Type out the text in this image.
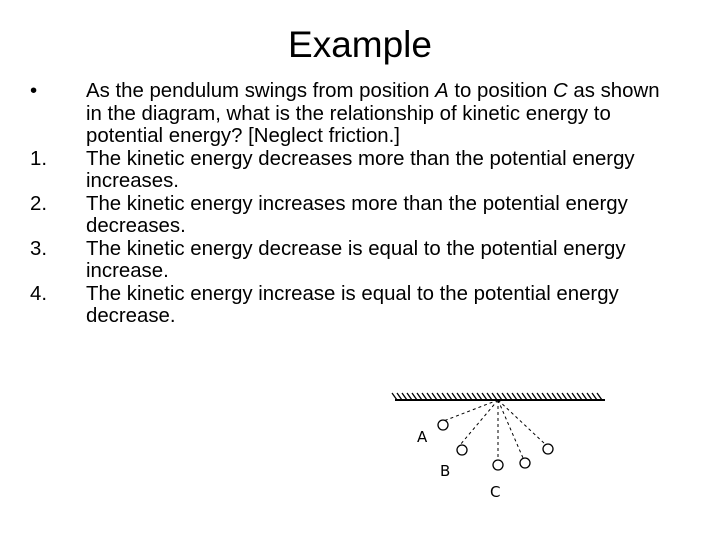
Example
• As the pendulum swings from position A to position C as shown in the diagram, what is the relationship of kinetic energy to potential energy? [Neglect friction.]
1. The kinetic energy decreases more than the potential energy increases.
2. The kinetic energy increases more than the potential energy decreases.
3. The kinetic energy decrease is equal to the potential energy increase.
4. The kinetic energy increase is equal to the potential energy decrease.
A
B
C
